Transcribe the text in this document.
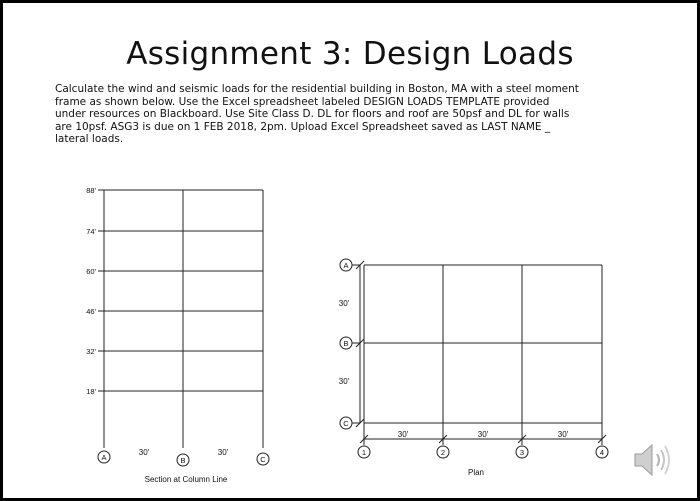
Assignment 3: Design Loads
Calculate the wind and seismic loads for the residential building in Boston, MA with a steel moment frame as shown below. Use the Excel spreadsheet labeled DESIGN LOADS TEMPLATE provided under resources on Blackboard. Use Site Class D. DL for floors and roof are 50psf and DL for walls are 10psf. ASG3 is due on 1 FEB 2018, 2pm. Upload Excel Spreadsheet saved as LAST NAME _ lateral loads.
88'
74'
60'
46'
32'
18'
30'	30'
A	B	C
Section at Column Line
A
B
C
30'
30'
30'	30'	30'
1	2	3	4
Plan
